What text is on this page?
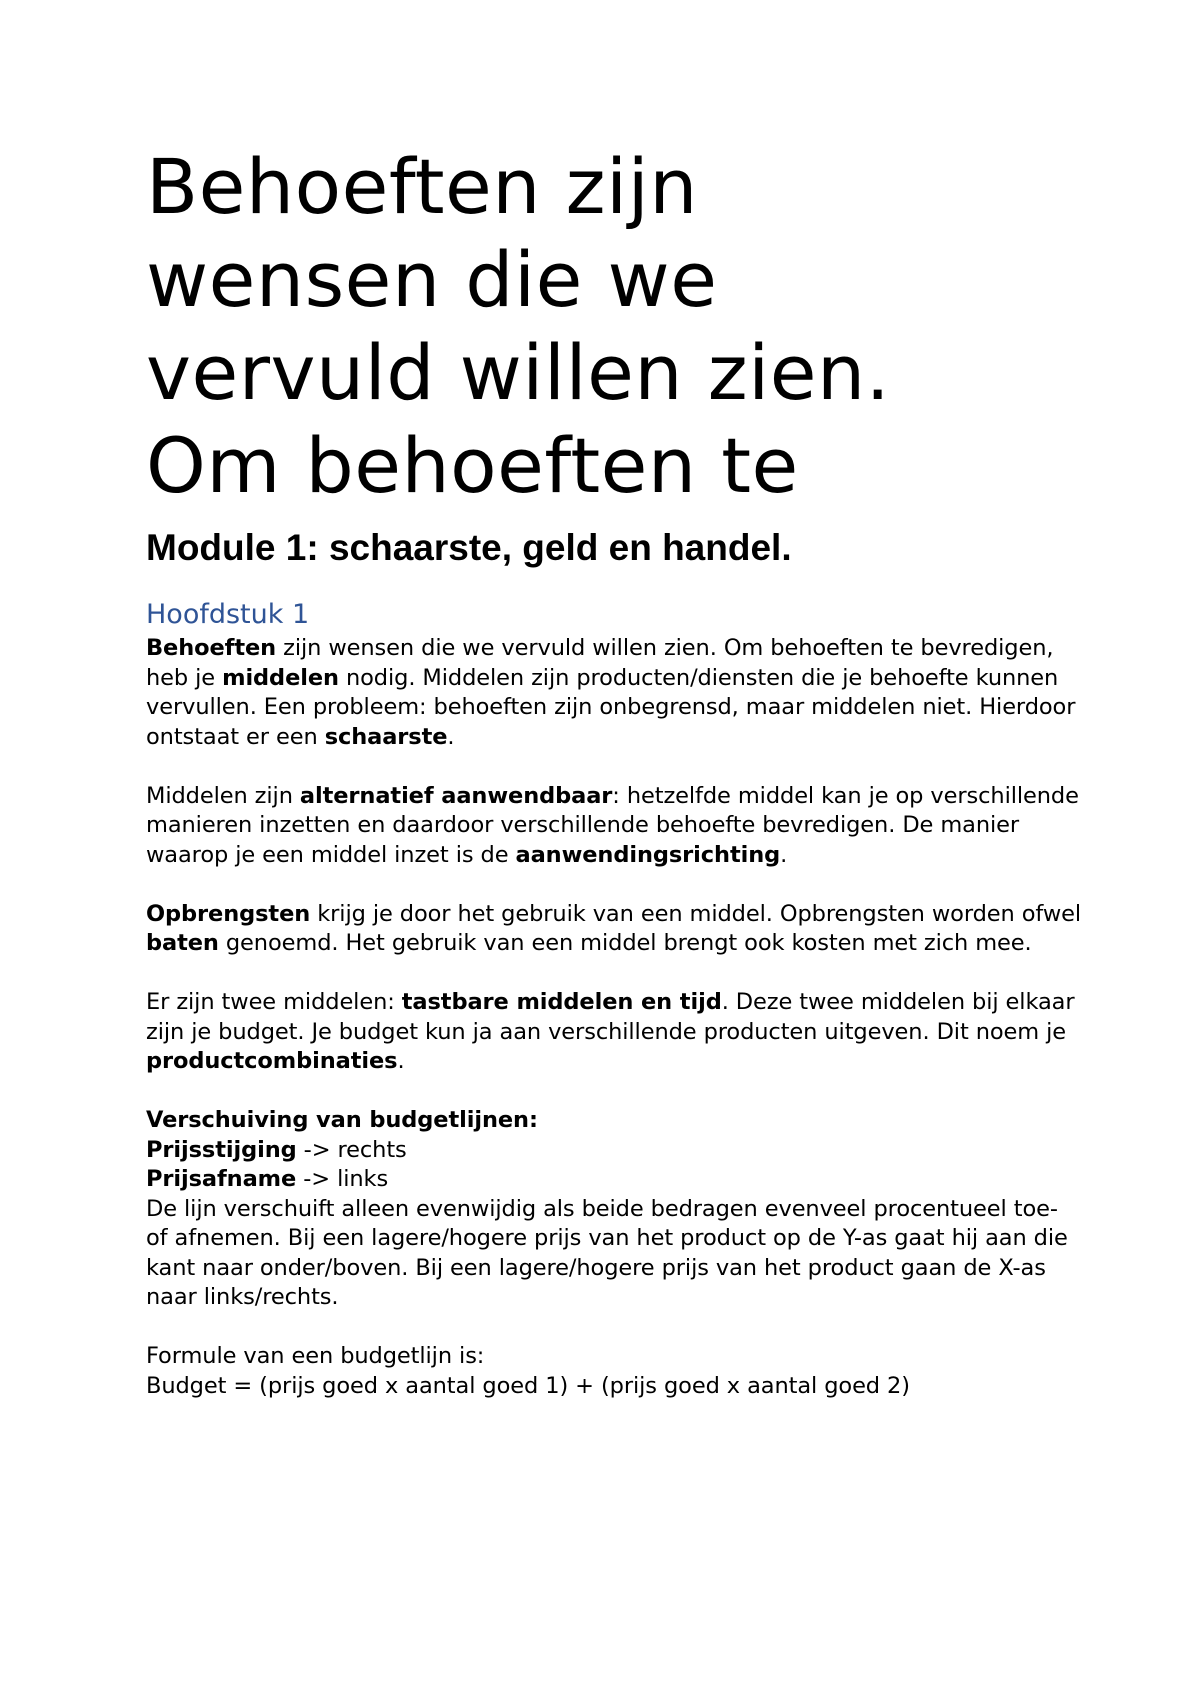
Behoeften zijn
wensen die we
vervuld willen zien.
Om behoeften te
Module 1: schaarste, geld en handel.
Hoofdstuk 1

Behoeften zijn wensen die we vervuld willen zien. Om behoeften te bevredigen, heb je middelen nodig. Middelen zijn producten/diensten die je behoefte kunnen vervullen. Een probleem: behoeften zijn onbegrensd, maar middelen niet. Hierdoor ontstaat er een schaarste.

Middelen zijn alternatief aanwendbaar: hetzelfde middel kan je op verschillende manieren inzetten en daardoor verschillende behoefte bevredigen. De manier waarop je een middel inzet is de aanwendingsrichting.

Opbrengsten krijg je door het gebruik van een middel. Opbrengsten worden ofwel baten genoemd. Het gebruik van een middel brengt ook kosten met zich mee.

Er zijn twee middelen: tastbare middelen en tijd. Deze twee middelen bij elkaar zijn je budget. Je budget kun ja aan verschillende producten uitgeven. Dit noem je productcombinaties.

Verschuiving van budgetlijnen:
Prijsstijging -> rechts
Prijsafname -> links
De lijn verschuift alleen evenwijdig als beide bedragen evenveel procentueel toe- of afnemen. Bij een lagere/hogere prijs van het product op de Y-as gaat hij aan die kant naar onder/boven. Bij een lagere/hogere prijs van het product gaan de X-as naar links/rechts.

Formule van een budgetlijn is:
Budget = (prijs goed x aantal goed 1) + (prijs goed x aantal goed 2)
